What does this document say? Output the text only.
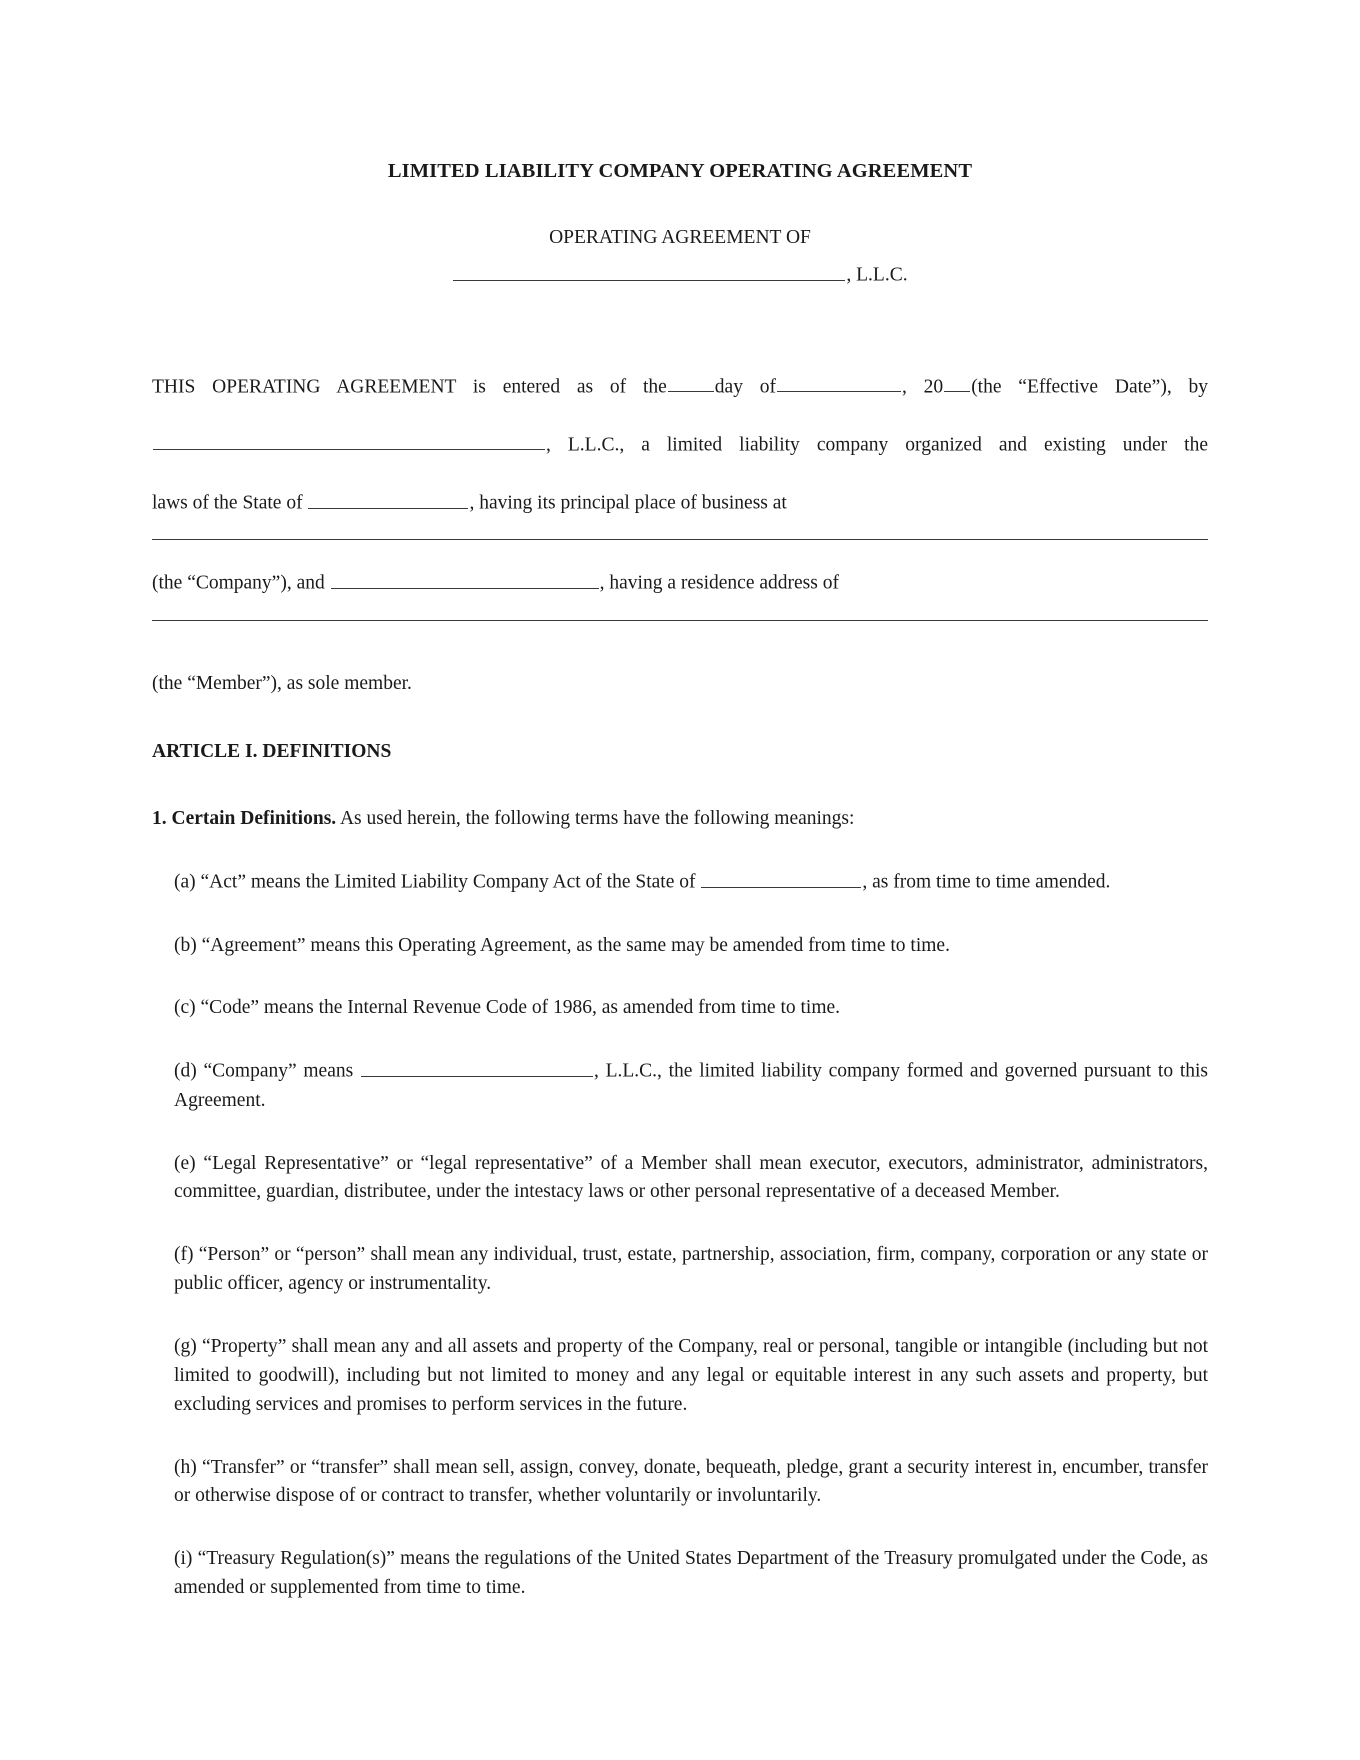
LIMITED LIABILITY COMPANY OPERATING AGREEMENT
OPERATING AGREEMENT OF
, L.L.C.

THIS OPERATING AGREEMENT is entered as of the day of	, 20 (the “Effective Date”), by

, L.L.C., a limited liability company organized and existing under the

laws of the State of	, having its principal place of business at

(the “Company”), and	, having a residence address of

(the “Member”), as sole member.

ARTICLE I. DEFINITIONS

1. Certain Definitions. As used herein, the following terms have the following meanings:

(a) “Act” means the Limited Liability Company Act of the State of	, as from time to time amended.

(b) “Agreement” means this Operating Agreement, as the same may be amended from time to time.

(c) “Code” means the Internal Revenue Code of 1986, as amended from time to time.

(d) “Company” means	, L.L.C., the limited liability company formed and governed pursuant to this Agreement.

(e) “Legal Representative” or “legal representative” of a Member shall mean executor, executors, administrator, administrators, committee, guardian, distributee, under the intestacy laws or other personal representative of a deceased Member.

(f) “Person” or “person” shall mean any individual, trust, estate, partnership, association, firm, company, corporation or any state or public officer, agency or instrumentality.

(g) “Property” shall mean any and all assets and property of the Company, real or personal, tangible or intangible (including but not limited to goodwill), including but not limited to money and any legal or equitable interest in any such assets and property, but excluding services and promises to perform services in the future.

(h) “Transfer” or “transfer” shall mean sell, assign, convey, donate, bequeath, pledge, grant a security interest in, encumber, transfer or otherwise dispose of or contract to transfer, whether voluntarily or involuntarily.

(i) “Treasury Regulation(s)” means the regulations of the United States Department of the Treasury promulgated under the Code, as amended or supplemented from time to time.
